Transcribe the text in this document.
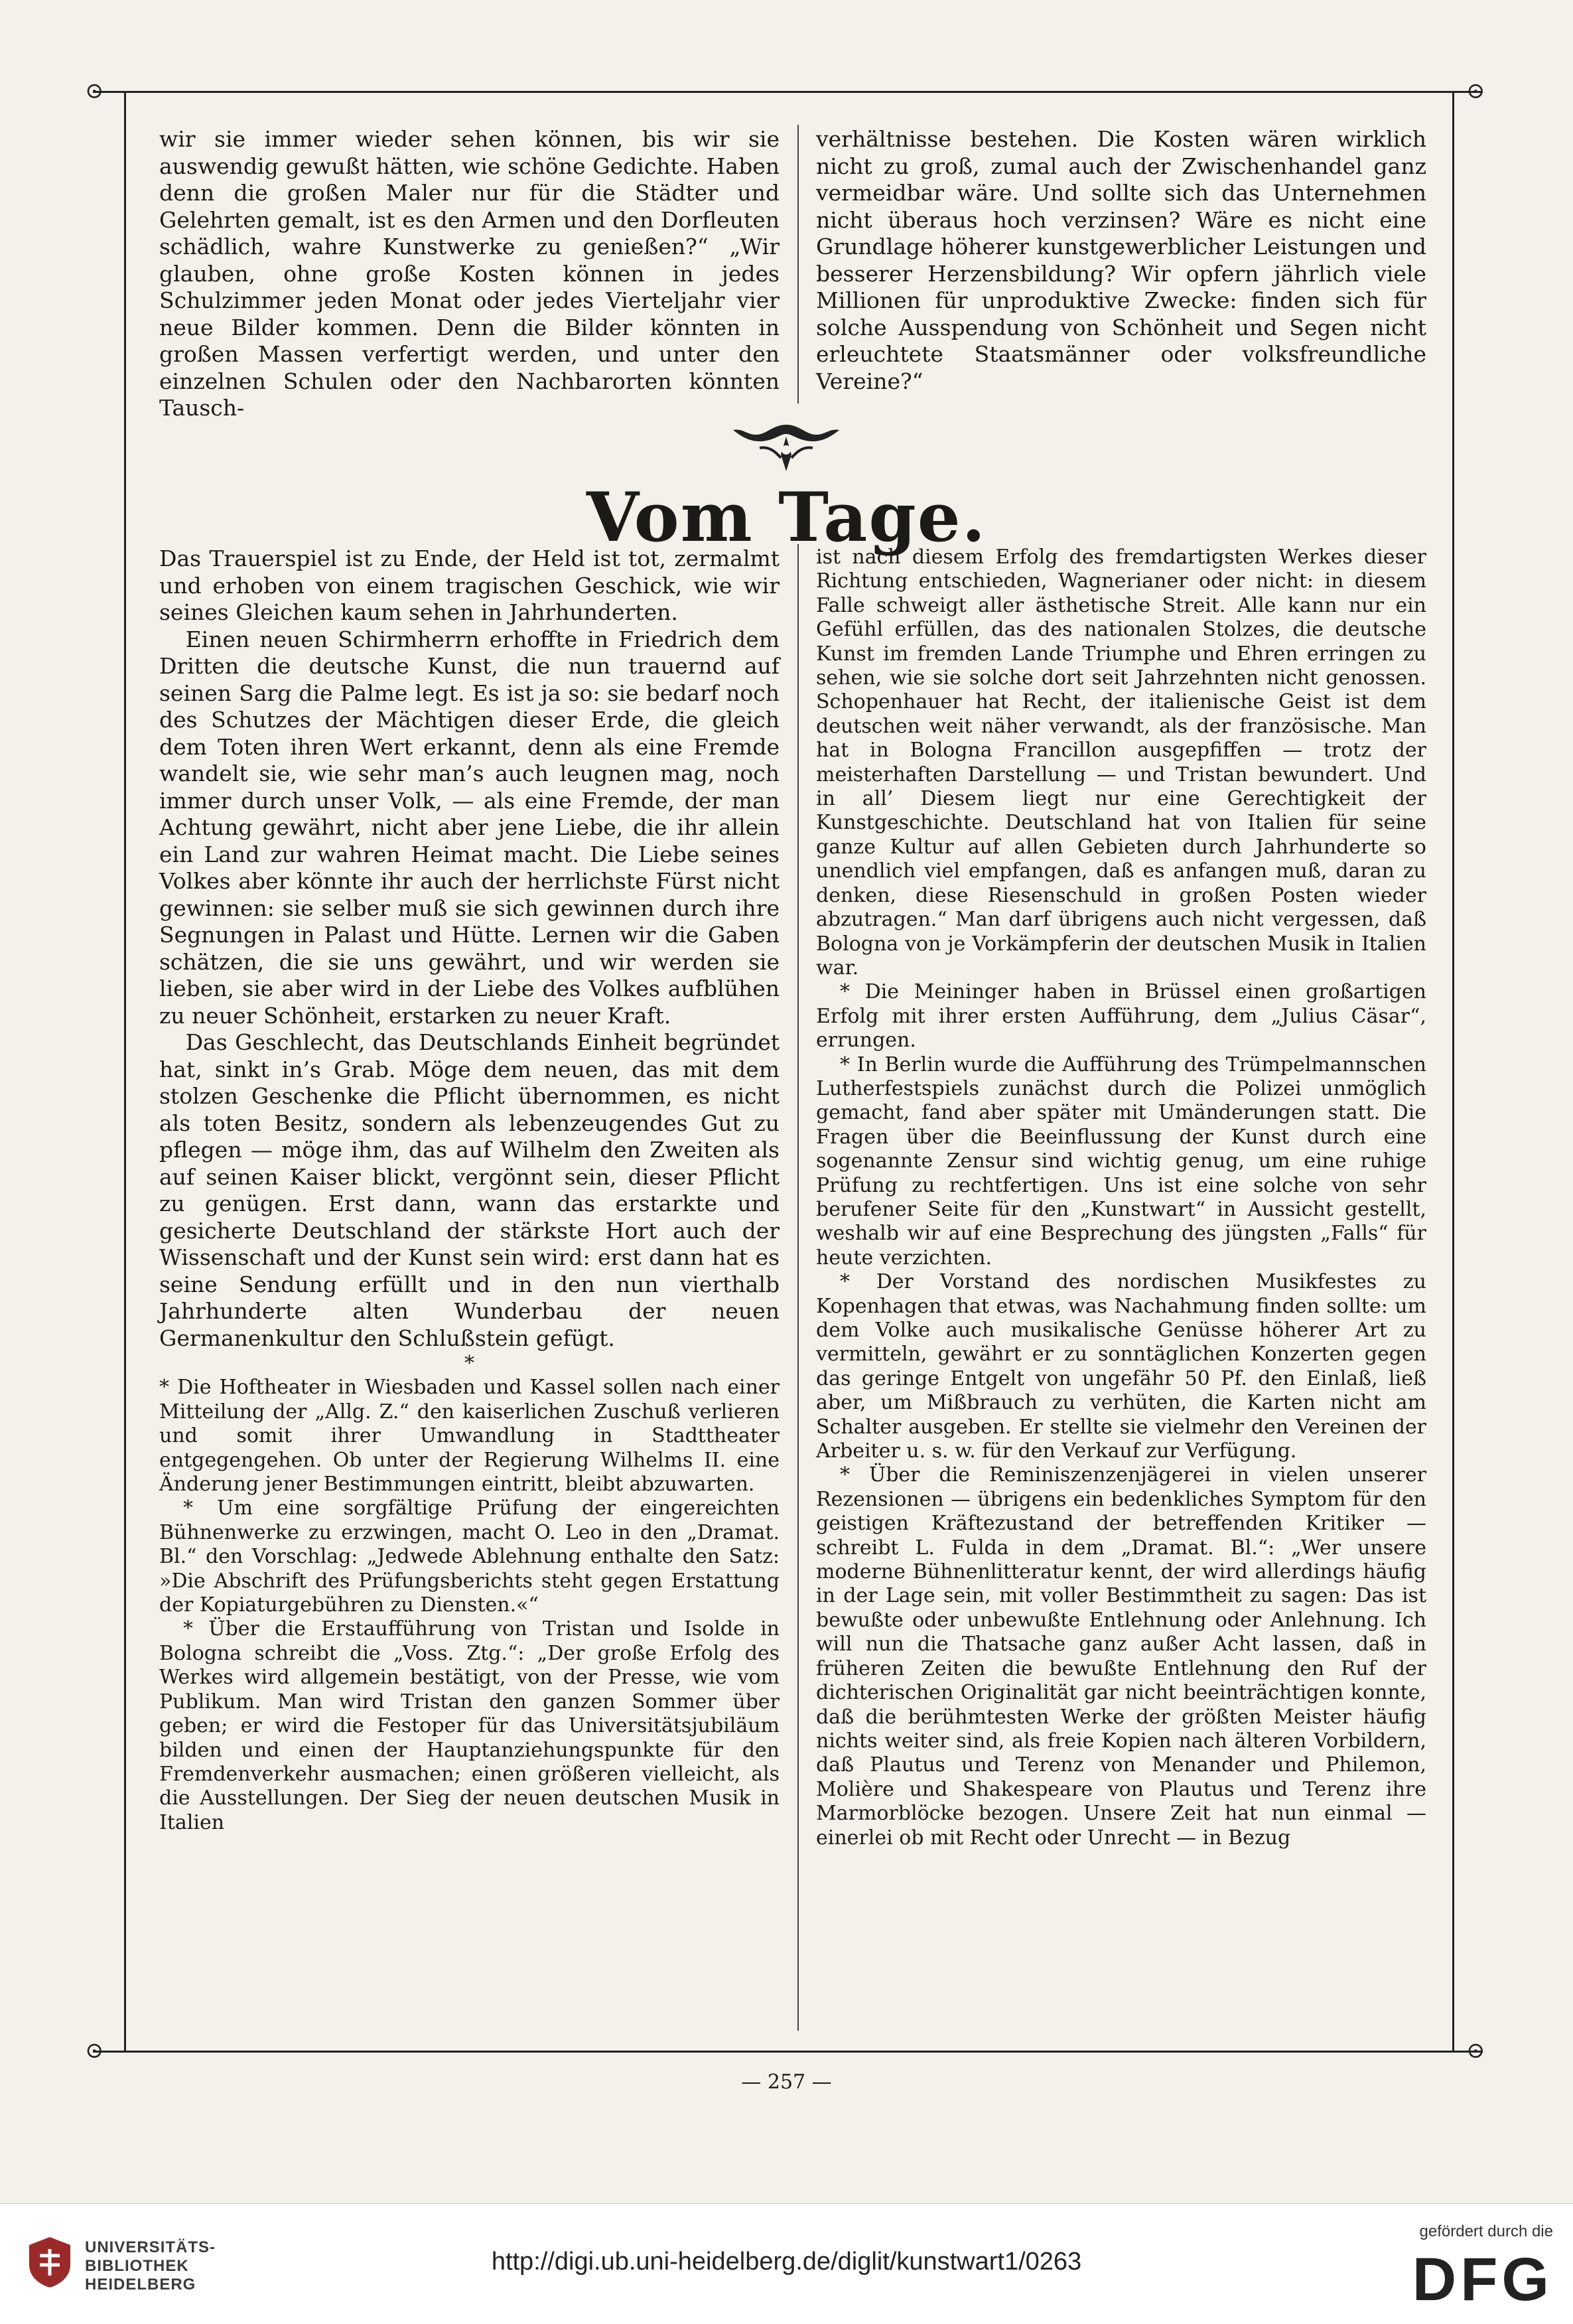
⊙	⊙
⊙	⊙

wir sie immer wieder sehen können, bis wir sie auswendig gewußt hätten, wie schöne Gedichte. Haben denn die großen Maler nur für die Städter und Gelehrten gemalt, ist es den Armen und den Dorfleuten schädlich, wahre Kunstwerke zu genießen?“ „Wir glauben, ohne große Kosten können in jedes Schulzimmer jeden Monat oder jedes Vierteljahr vier neue Bilder kommen. Denn die Bilder könnten in großen Massen verfertigt werden, und unter den einzelnen Schulen oder den Nachbarorten könnten Tausch-

verhältnisse bestehen. Die Kosten wären wirklich nicht zu groß, zumal auch der Zwischenhandel ganz vermeidbar wäre. Und sollte sich das Unternehmen nicht überaus hoch verzinsen? Wäre es nicht eine Grundlage höherer kunstgewerblicher Leistungen und besserer Herzensbildung? Wir opfern jährlich viele Millionen für unproduktive Zwecke: finden sich für solche Ausspendung von Schönheit und Segen nicht erleuchtete Staatsmänner oder volksfreundliche Vereine?“

Vom Tage.

Das Trauerspiel ist zu Ende, der Held ist tot, zermalmt und erhoben von einem tragischen Geschick, wie wir seines Gleichen kaum sehen in Jahrhunderten.

Einen neuen Schirmherrn erhoffte in Friedrich dem Dritten die deutsche Kunst, die nun trauernd auf seinen Sarg die Palme legt. Es ist ja so: sie bedarf noch des Schutzes der Mächtigen dieser Erde, die gleich dem Toten ihren Wert erkannt, denn als eine Fremde wandelt sie, wie sehr man’s auch leugnen mag, noch immer durch unser Volk, — als eine Fremde, der man Achtung gewährt, nicht aber jene Liebe, die ihr allein ein Land zur wahren Heimat macht. Die Liebe seines Volkes aber könnte ihr auch der herrlichste Fürst nicht gewinnen: sie selber muß sie sich gewinnen durch ihre Segnungen in Palast und Hütte. Lernen wir die Gaben schätzen, die sie uns gewährt, und wir werden sie lieben, sie aber wird in der Liebe des Volkes aufblühen zu neuer Schönheit, erstarken zu neuer Kraft.

Das Geschlecht, das Deutschlands Einheit begründet hat, sinkt in’s Grab. Möge dem neuen, das mit dem stolzen Geschenke die Pflicht übernommen, es nicht als toten Besitz, sondern als lebenzeugendes Gut zu pflegen — möge ihm, das auf Wilhelm den Zweiten als auf seinen Kaiser blickt, vergönnt sein, dieser Pflicht zu genügen. Erst dann, wann das erstarkte und gesicherte Deutschland der stärkste Hort auch der Wissenschaft und der Kunst sein wird: erst dann hat es seine Sendung erfüllt und in den nun vierthalb Jahrhunderte alten Wunderbau der neuen Germanenkultur den Schlußstein gefügt.

*

* Die Hoftheater in Wiesbaden und Kassel sollen nach einer Mitteilung der „Allg. Z.“ den kaiserlichen Zuschuß verlieren und somit ihrer Umwandlung in Stadttheater entgegengehen. Ob unter der Regierung Wilhelms II. eine Änderung jener Bestimmungen eintritt, bleibt abzuwarten.

* Um eine sorgfältige Prüfung der eingereichten Bühnenwerke zu erzwingen, macht O. Leo in den „Dramat. Bl.“ den Vorschlag: „Jedwede Ablehnung enthalte den Satz: »Die Abschrift des Prüfungsberichts steht gegen Erstattung der Kopiaturgebühren zu Diensten.«“

* Über die Erstaufführung von Tristan und Isolde in Bologna schreibt die „Voss. Ztg.“: „Der große Erfolg des Werkes wird allgemein bestätigt, von der Presse, wie vom Publikum. Man wird Tristan den ganzen Sommer über geben; er wird die Festoper für das Universitätsjubiläum bilden und einen der Hauptanziehungspunkte für den Fremdenverkehr ausmachen; einen größeren vielleicht, als die Ausstellungen. Der Sieg der neuen deutschen Musik in Italien

ist nach diesem Erfolg des fremdartigsten Werkes dieser Richtung entschieden, Wagnerianer oder nicht: in diesem Falle schweigt aller ästhetische Streit. Alle kann nur ein Gefühl erfüllen, das des nationalen Stolzes, die deutsche Kunst im fremden Lande Triumphe und Ehren erringen zu sehen, wie sie solche dort seit Jahrzehnten nicht genossen. Schopenhauer hat Recht, der italienische Geist ist dem deutschen weit näher verwandt, als der französische. Man hat in Bologna Francillon ausgepfiffen — trotz der meisterhaften Darstellung — und Tristan bewundert. Und in all’ Diesem liegt nur eine Gerechtigkeit der Kunstgeschichte. Deutschland hat von Italien für seine ganze Kultur auf allen Gebieten durch Jahrhunderte so unendlich viel empfangen, daß es anfangen muß, daran zu denken, diese Riesenschuld in großen Posten wieder abzutragen.“ Man darf übrigens auch nicht vergessen, daß Bologna von je Vorkämpferin der deutschen Musik in Italien war.

* Die Meininger haben in Brüssel einen großartigen Erfolg mit ihrer ersten Aufführung, dem „Julius Cäsar“, errungen.

* In Berlin wurde die Aufführung des Trümpelmannschen Lutherfestspiels zunächst durch die Polizei unmöglich gemacht, fand aber später mit Umänderungen statt. Die Fragen über die Beeinflussung der Kunst durch eine sogenannte Zensur sind wichtig genug, um eine ruhige Prüfung zu rechtfertigen. Uns ist eine solche von sehr berufener Seite für den „Kunstwart“ in Aussicht gestellt, weshalb wir auf eine Besprechung des jüngsten „Falls“ für heute verzichten.

* Der Vorstand des nordischen Musikfestes zu Kopenhagen that etwas, was Nachahmung finden sollte: um dem Volke auch musikalische Genüsse höherer Art zu vermitteln, gewährt er zu sonntäglichen Konzerten gegen das geringe Entgelt von ungefähr 50 Pf. den Einlaß, ließ aber, um Mißbrauch zu verhüten, die Karten nicht am Schalter ausgeben. Er stellte sie vielmehr den Vereinen der Arbeiter u. s. w. für den Verkauf zur Verfügung.

* Über die Reminiszenzenjägerei in vielen unserer Rezensionen — übrigens ein bedenkliches Symptom für den geistigen Kräftezustand der betreffenden Kritiker — schreibt L. Fulda in dem „Dramat. Bl.“: „Wer unsere moderne Bühnenlitteratur kennt, der wird allerdings häufig in der Lage sein, mit voller Bestimmtheit zu sagen: Das ist bewußte oder unbewußte Entlehnung oder Anlehnung. Ich will nun die Thatsache ganz außer Acht lassen, daß in früheren Zeiten die bewußte Entlehnung den Ruf der dichterischen Originalität gar nicht beeinträchtigen konnte, daß die berühmtesten Werke der größten Meister häufig nichts weiter sind, als freie Kopien nach älteren Vorbildern, daß Plautus und Terenz von Menander und Philemon, Molière und Shakespeare von Plautus und Terenz ihre Marmorblöcke bezogen. Unsere Zeit hat nun einmal — einerlei ob mit Recht oder Unrecht — in Bezug

— 257 —
UNIVERSITÄTS-
BIBLIOTHEK
HEIDELBERG
http://digi.ub.uni-heidelberg.de/diglit/kunstwart1/0263
gefördert durch die
DFG
